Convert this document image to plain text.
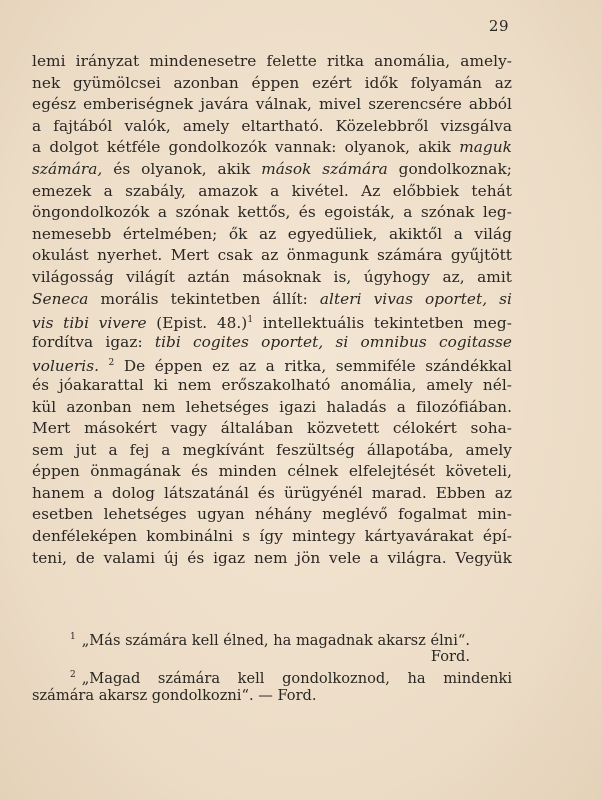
29
lemi irányzat mindenesetre felette ritka anomália, amely-
nek gyümölcsei azonban éppen ezért idők folyamán az
egész emberiségnek javára válnak, mivel szerencsére abból
a fajtából valók, amely eltartható. Közelebbről vizsgálva
a dolgot kétféle gondolkozók vannak: olyanok, akik maguk
számára, és olyanok, akik mások számára gondolkoznak;
emezek a szabály, amazok a kivétel. Az előbbiek tehát
öngondolkozók a szónak kettős, és egoisták, a szónak leg-
nemesebb értelmében; ők az egyedüliek, akiktől a világ
okulást nyerhet. Mert csak az önmagunk számára gyűjtött
világosság világít aztán másoknak is, úgyhogy az, amit
Seneca morális tekintetben állít: alteri vivas oportet, si
vis tibi vivere (Epist. 48.)$^1$ intellektuális tekintetben meg-
fordítva igaz: tibi cogites oportet, si omnibus cogitasse
volueris. $^2$ De éppen ez az a ritka, semmiféle szándékkal
és jóakarattal ki nem erőszakolható anomália, amely nél-
kül azonban nem lehetséges igazi haladás a filozófiában.
Mert másokért vagy általában közvetett célokért soha-
sem jut a fej a megkívánt feszültség állapotába, amely
éppen önmagának és minden célnek elfelejtését követeli,
hanem a dolog látszatánál és ürügyénél marad. Ebben az
esetben lehetséges ugyan néhány meglévő fogalmat min-
denféleképen kombinálni s így mintegy kártyavárakat épí-
teni, de valami új és igaz nem jön vele a világra. Vegyük
$^1$ „Más számára kell élned, ha magadnak akarsz élni“.
Ford.
$^2$ „Magad számára kell gondolkoznod, ha mindenki
számára akarsz gondolkozni“. — Ford.
